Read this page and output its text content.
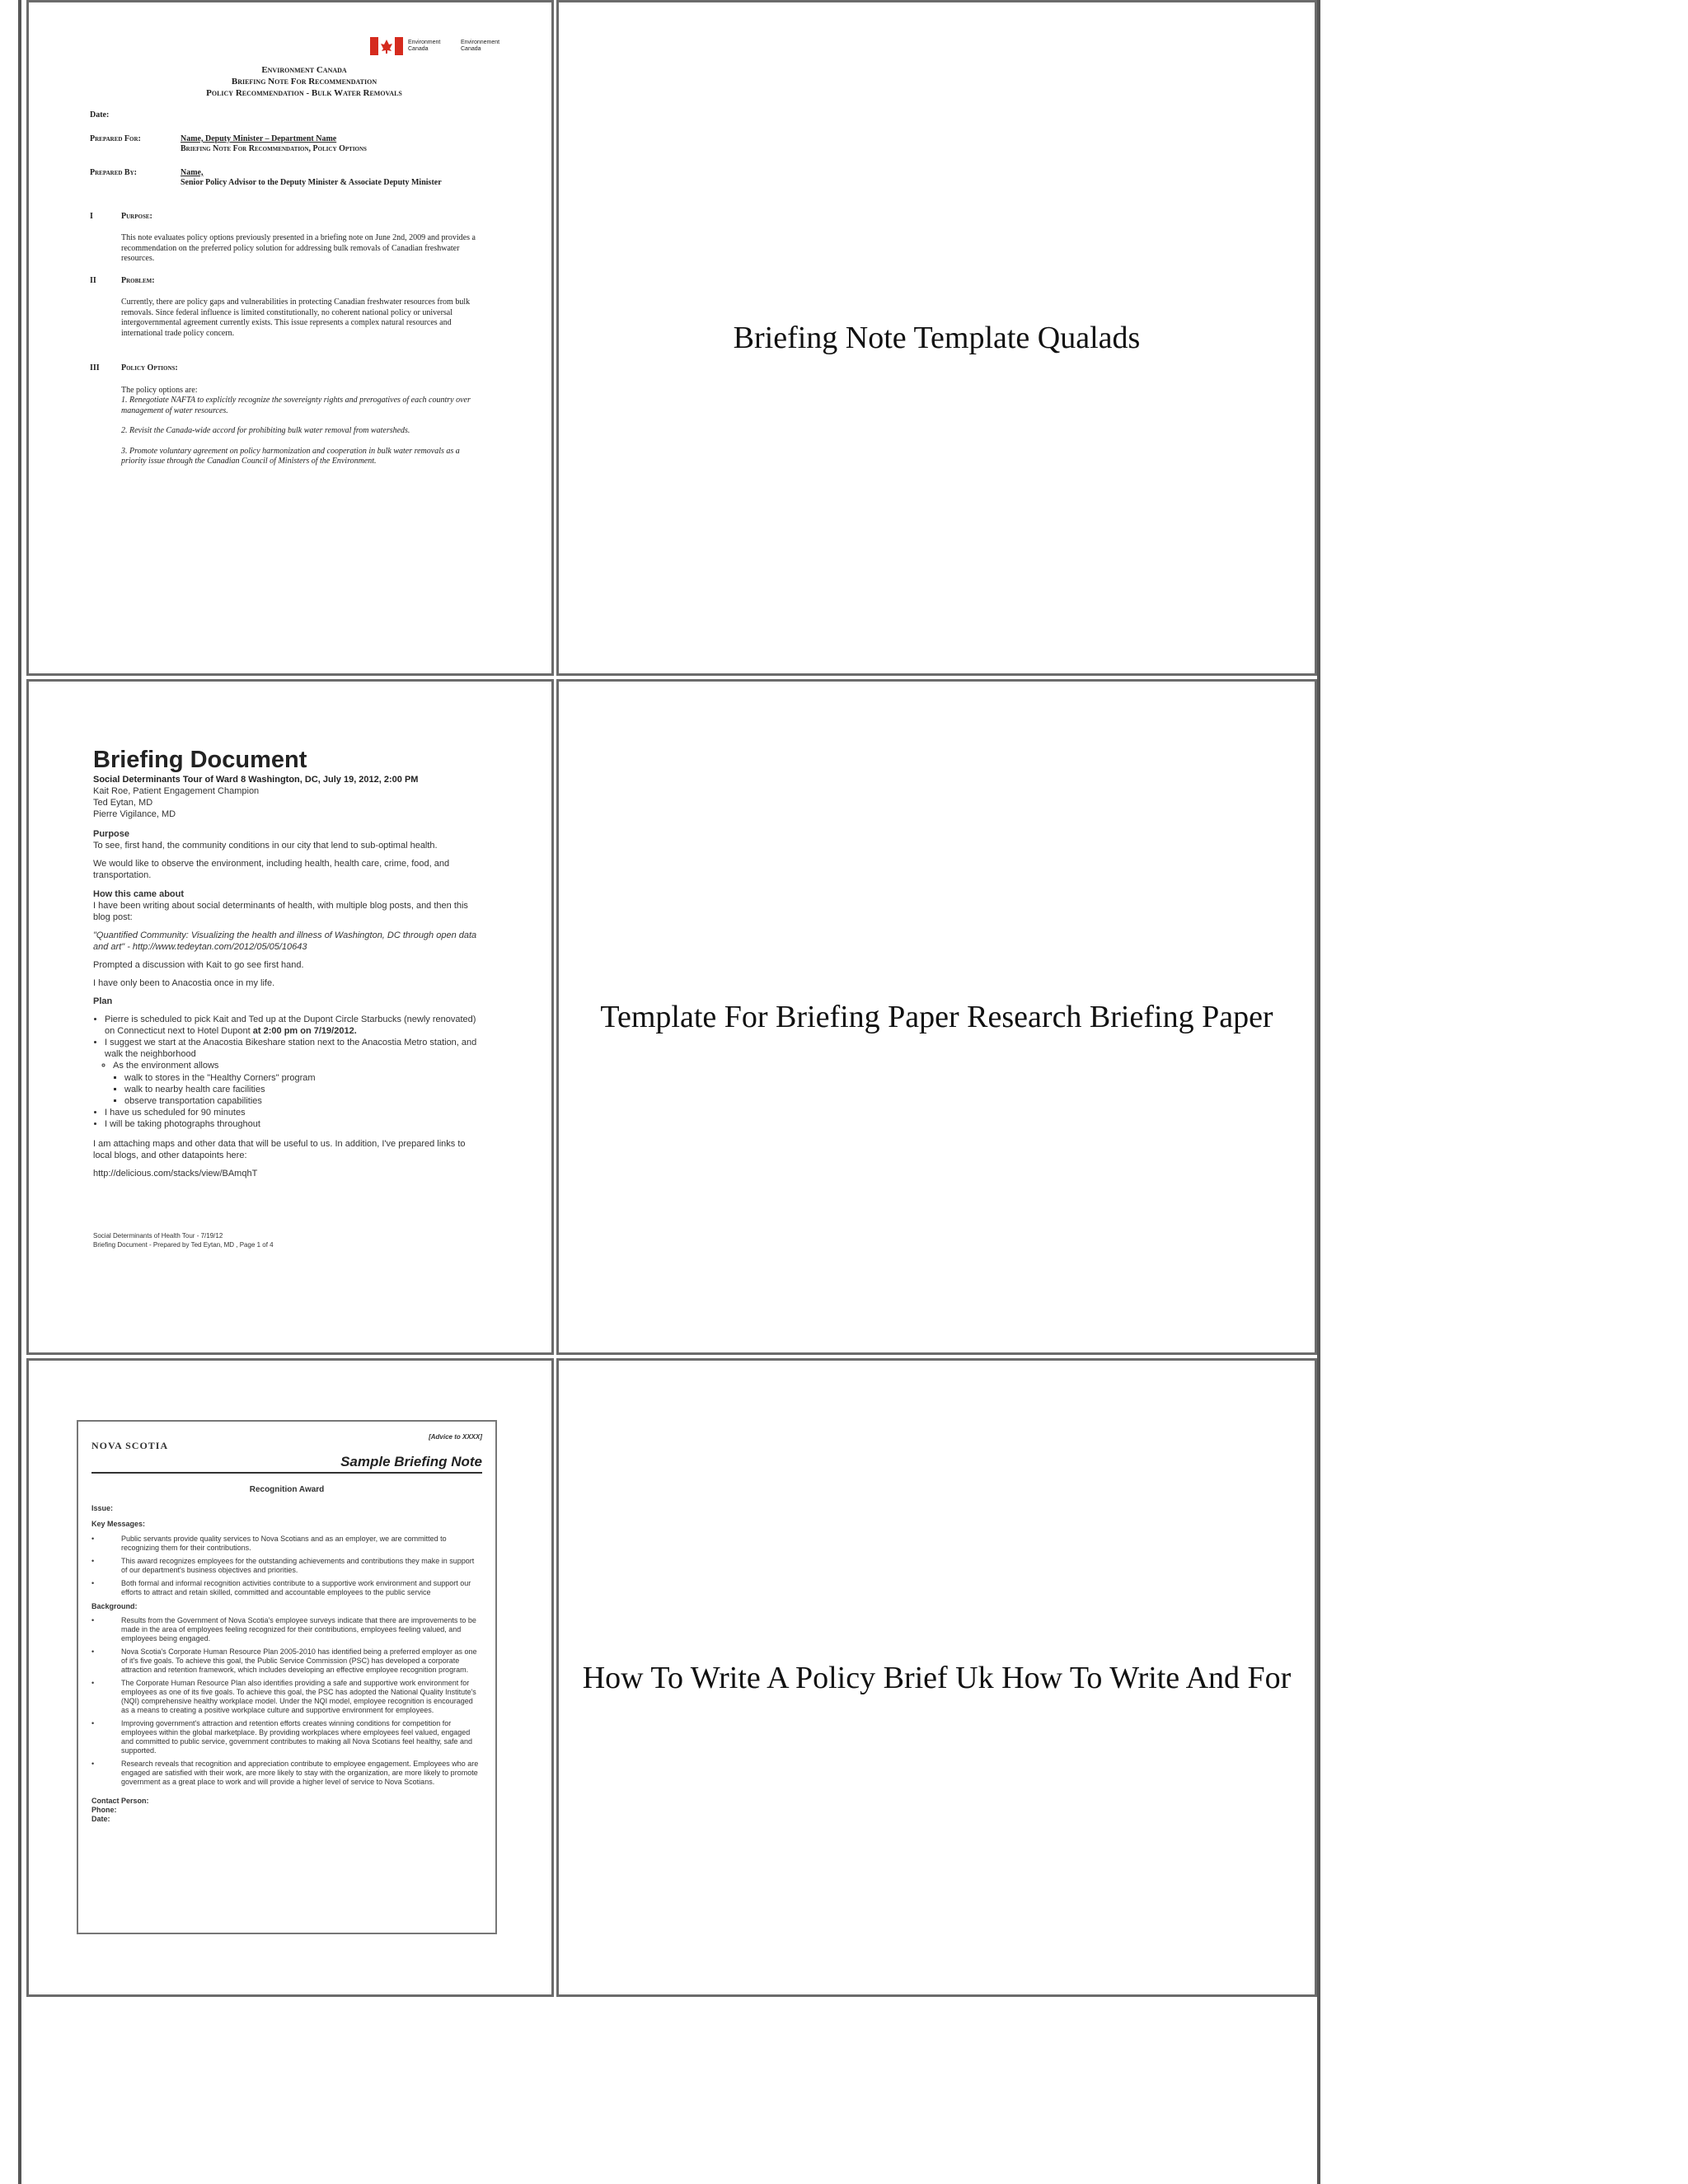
Environment Canada
Environnement Canada
Environment Canada
Briefing Note For Recommendation
Policy Recommendation - Bulk Water Removals
Date:
Prepared For:	Name, Deputy Minister – Department Name
Briefing Note For Recommendation, Policy Options
Prepared By:	Name,
Senior Policy Advisor to the Deputy Minister & Associate Deputy Minister
I	Purpose:
This note evaluates policy options previously presented in a briefing note on June 2nd, 2009 and provides a recommendation on the preferred policy solution for addressing bulk removals of Canadian freshwater resources.
II	Problem:
Currently, there are policy gaps and vulnerabilities in protecting Canadian freshwater resources from bulk removals. Since federal influence is limited constitutionally, no coherent national policy or universal intergovernmental agreement currently exists. This issue represents a complex natural resources and international trade policy concern.
III	Policy Options:
The policy options are:
1. Renegotiate NAFTA to explicitly recognize the sovereignty rights and prerogatives of each country over management of water resources.
2. Revisit the Canada-wide accord for prohibiting bulk water removal from watersheds.
3. Promote voluntary agreement on policy harmonization and cooperation in bulk water removals as a priority issue through the Canadian Council of Ministers of the Environment.
Briefing Note Template Qualads
Briefing Document
Social Determinants Tour of Ward 8 Washington, DC, July 19, 2012, 2:00 PM
Kait Roe, Patient Engagement Champion
Ted Eytan, MD
Pierre Vigilance, MD
Purpose
To see, first hand, the community conditions in our city that lend to sub-optimal health.
We would like to observe the environment, including health, health care, crime, food, and transportation.
How this came about
I have been writing about social determinants of health, with multiple blog posts, and then this blog post:
"Quantified Community: Visualizing the health and illness of Washington, DC through open data and art" - http://www.tedeytan.com/2012/05/05/10643
Prompted a discussion with Kait to go see first hand.
I have only been to Anacostia once in my life.
Plan
• Pierre is scheduled to pick Kait and Ted up at the Dupont Circle Starbucks (newly renovated) on Connecticut next to Hotel Dupont at 2:00 pm on 7/19/2012.
• I suggest we start at the Anacostia Bikeshare station next to the Anacostia Metro station, and walk the neighborhood
◦ As the environment allows
▪ walk to stores in the "Healthy Corners" program
▪ walk to nearby health care facilities
▪ observe transportation capabilities
• I have us scheduled for 90 minutes
• I will be taking photographs throughout
I am attaching maps and other data that will be useful to us. In addition, I've prepared links to local blogs, and other datapoints here:
http://delicious.com/stacks/view/BAmqhT
Social Determinants of Health Tour - 7/19/12
Briefing Document - Prepared by Ted Eytan, MD , Page 1 of 4
Template For Briefing Paper Research Briefing Paper
NOVA SCOTIA
[Advice to XXXX]
Sample Briefing Note
Recognition Award
Issue:
Key Messages:
•	Public servants provide quality services to Nova Scotians and as an employer, we are committed to recognizing them for their contributions.
•	This award recognizes employees for the outstanding achievements and contributions they make in support of our department's business objectives and priorities.
•	Both formal and informal recognition activities contribute to a supportive work environment and support our efforts to attract and retain skilled, committed and accountable employees to the public service
Background:
•	Results from the Government of Nova Scotia's employee surveys indicate that there are improvements to be made in the area of employees feeling recognized for their contributions, employees feeling valued, and employees being engaged.
•	Nova Scotia's Corporate Human Resource Plan 2005-2010 has identified being a preferred employer as one of it's five goals. To achieve this goal, the Public Service Commission (PSC) has developed a corporate attraction and retention framework, which includes developing an effective employee recognition program.
•	The Corporate Human Resource Plan also identifies providing a safe and supportive work environment for employees as one of its five goals. To achieve this goal, the PSC has adopted the National Quality Institute's (NQI) comprehensive healthy workplace model. Under the NQI model, employee recognition is encouraged as a means to creating a positive workplace culture and supportive environment for employees.
•	Improving government's attraction and retention efforts creates winning conditions for competition for employees within the global marketplace. By providing workplaces where employees feel valued, engaged and committed to public service, government contributes to making all Nova Scotians feel healthy, safe and supported.
•	Research reveals that recognition and appreciation contribute to employee engagement. Employees who are engaged are satisfied with their work, are more likely to stay with the organization, are more likely to promote government as a great place to work and will provide a higher level of service to Nova Scotians.
Contact Person:
Phone:
Date:
How To Write A Policy Brief Uk How To Write And For
